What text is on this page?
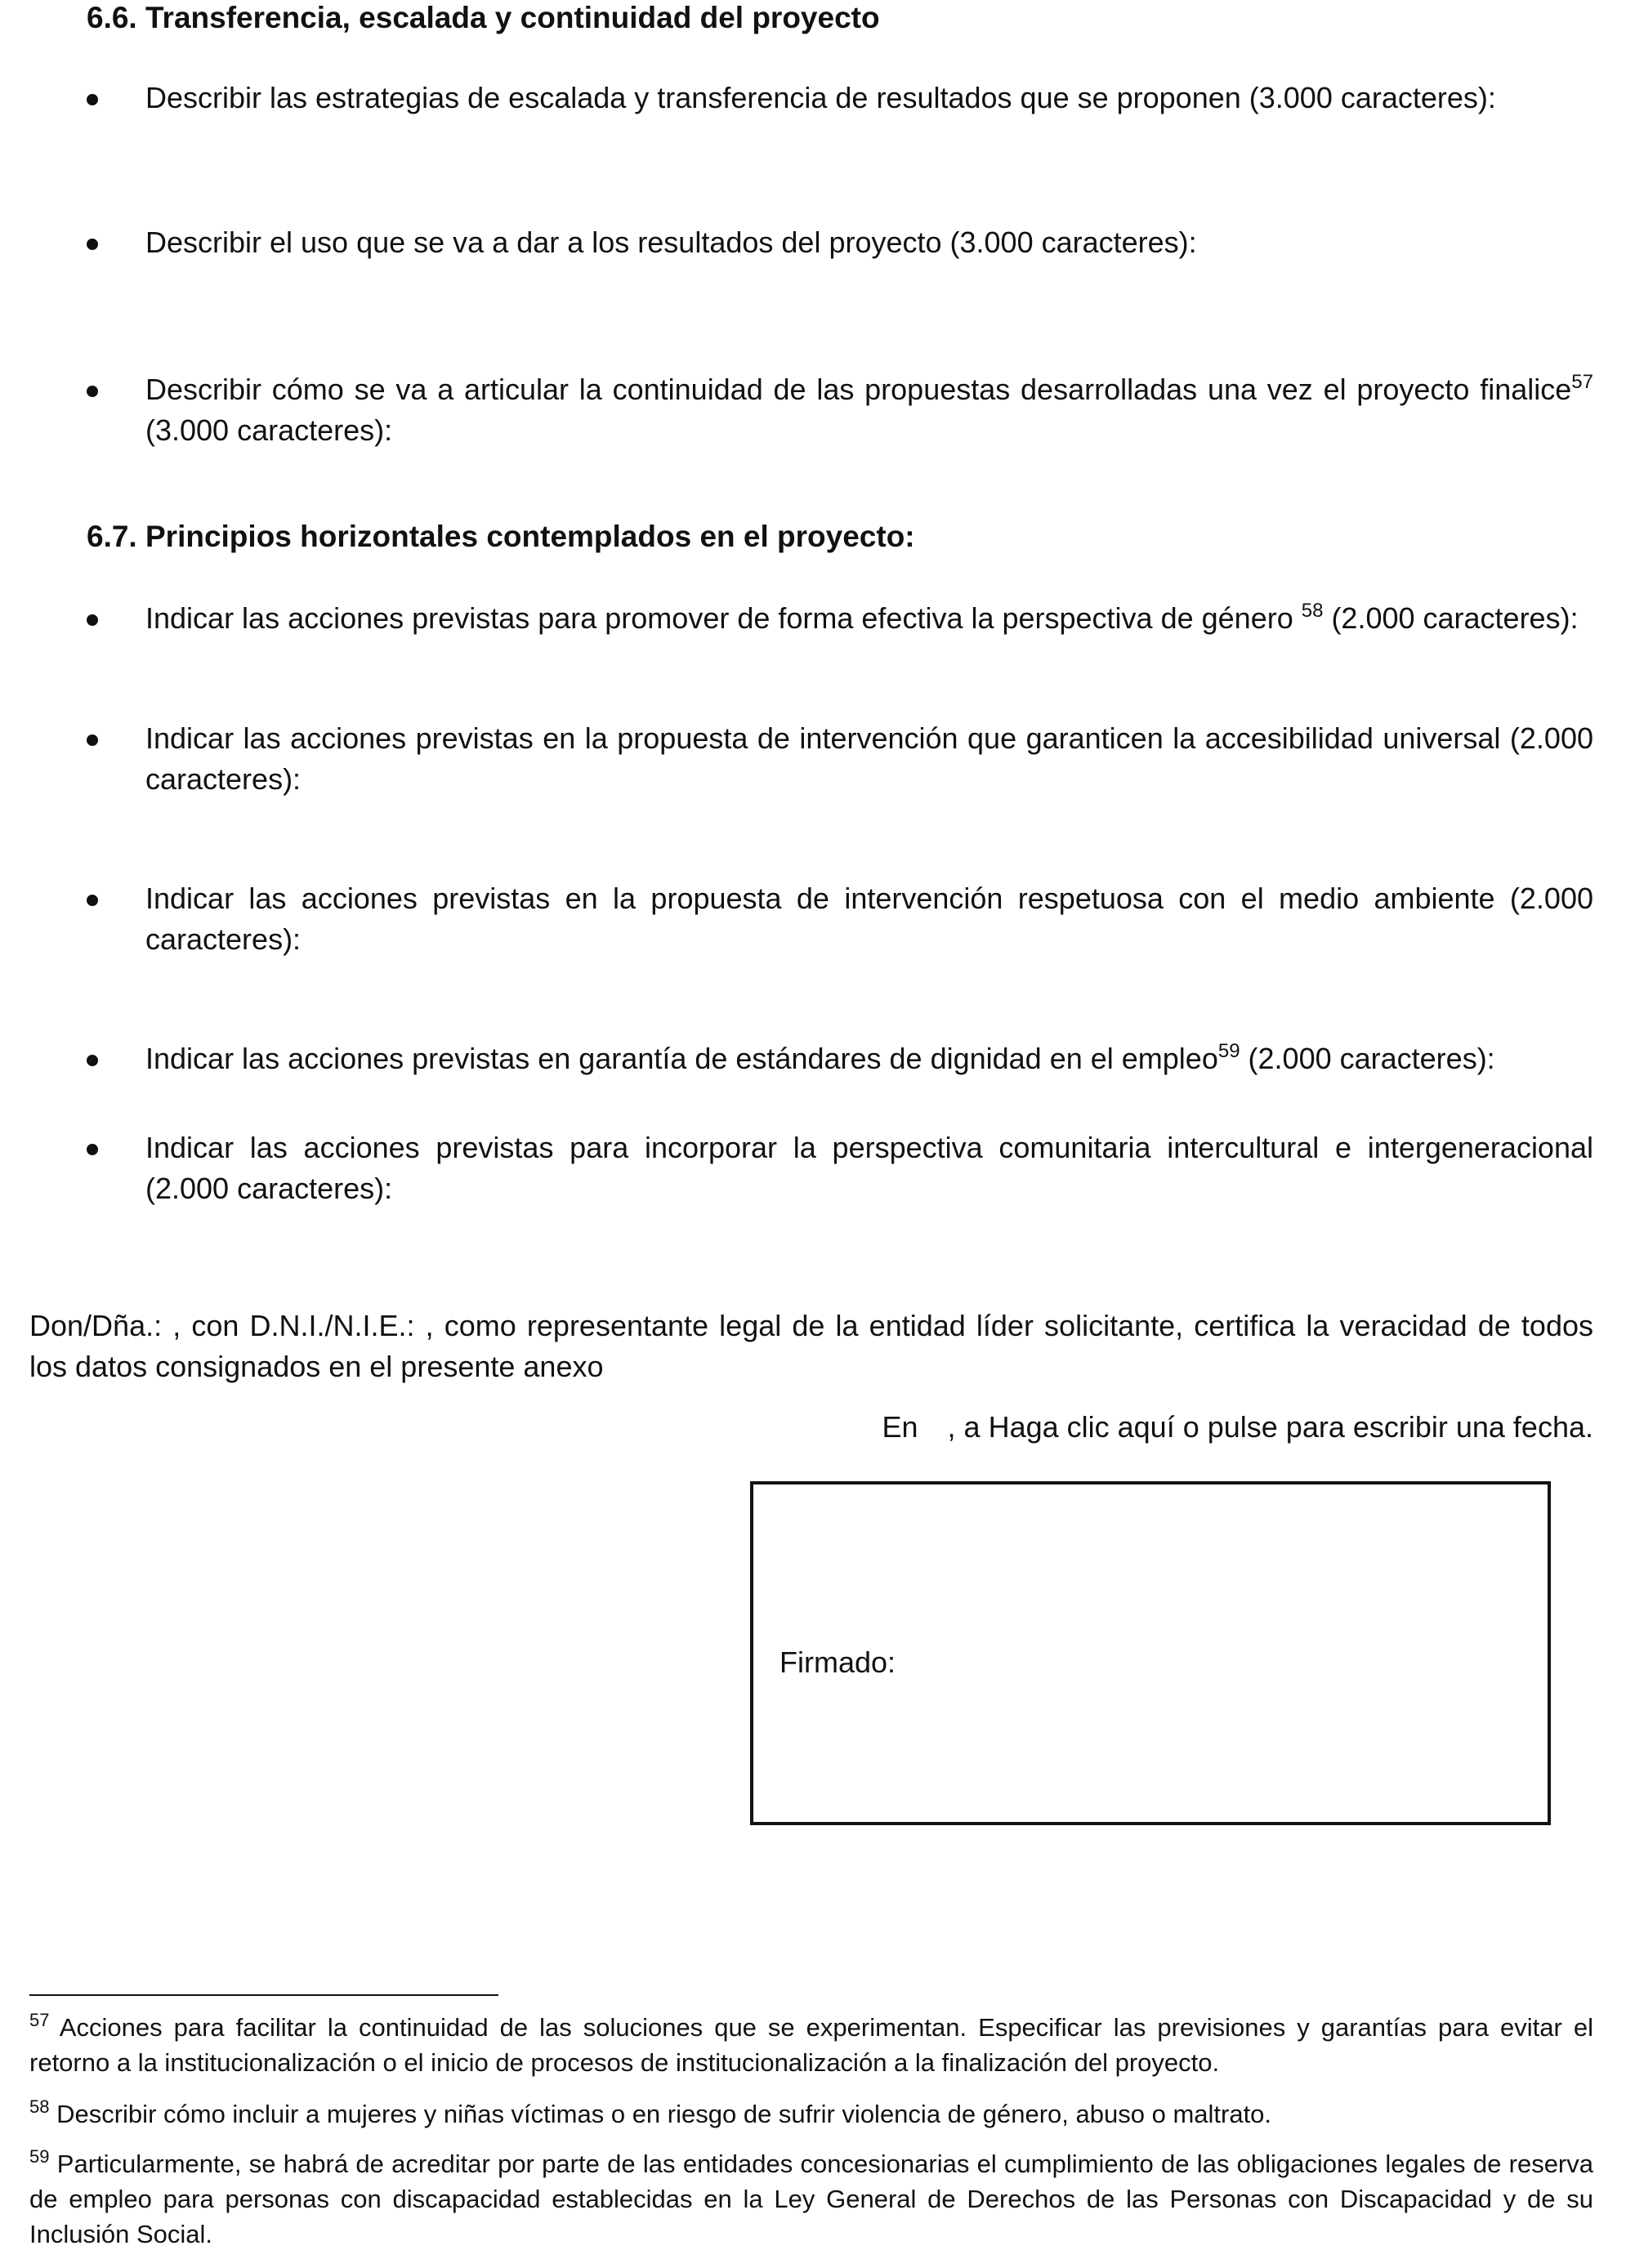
6.6. Transferencia, escalada y continuidad del proyecto
Describir las estrategias de escalada y transferencia de resultados que se proponen (3.000 caracteres):
Describir el uso que se va a dar a los resultados del proyecto (3.000 caracteres):
Describir cómo se va a articular la continuidad de las propuestas desarrolladas una vez el proyecto finalice$^{57}$ (3.000 caracteres):
6.7. Principios horizontales contemplados en el proyecto:
Indicar las acciones previstas para promover de forma efectiva la perspectiva de género $^{58}$ (2.000 caracteres):
Indicar las acciones previstas en la propuesta de intervención que garanticen la accesibilidad universal (2.000 caracteres):
Indicar las acciones previstas en la propuesta de intervención respetuosa con el medio ambiente (2.000 caracteres):
Indicar las acciones previstas en garantía de estándares de dignidad en el empleo$^{59}$ (2.000 caracteres):
Indicar las acciones previstas para incorporar la perspectiva comunitaria intercultural e intergeneracional (2.000 caracteres):
Don/Dña.: , con D.N.I./N.I.E.: , como representante legal de la entidad líder solicitante, certifica la veracidad de todos los datos consignados en el presente anexo
En , a Haga clic aquí o pulse para escribir una fecha.
Firmado:
$^{57}$ Acciones para facilitar la continuidad de las soluciones que se experimentan. Especificar las previsiones y garantías para evitar el retorno a la institucionalización o el inicio de procesos de institucionalización a la finalización del proyecto.
$^{58}$ Describir cómo incluir a mujeres y niñas víctimas o en riesgo de sufrir violencia de género, abuso o maltrato.
$^{59}$ Particularmente, se habrá de acreditar por parte de las entidades concesionarias el cumplimiento de las obligaciones legales de reserva de empleo para personas con discapacidad establecidas en la Ley General de Derechos de las Personas con Discapacidad y de su Inclusión Social.
